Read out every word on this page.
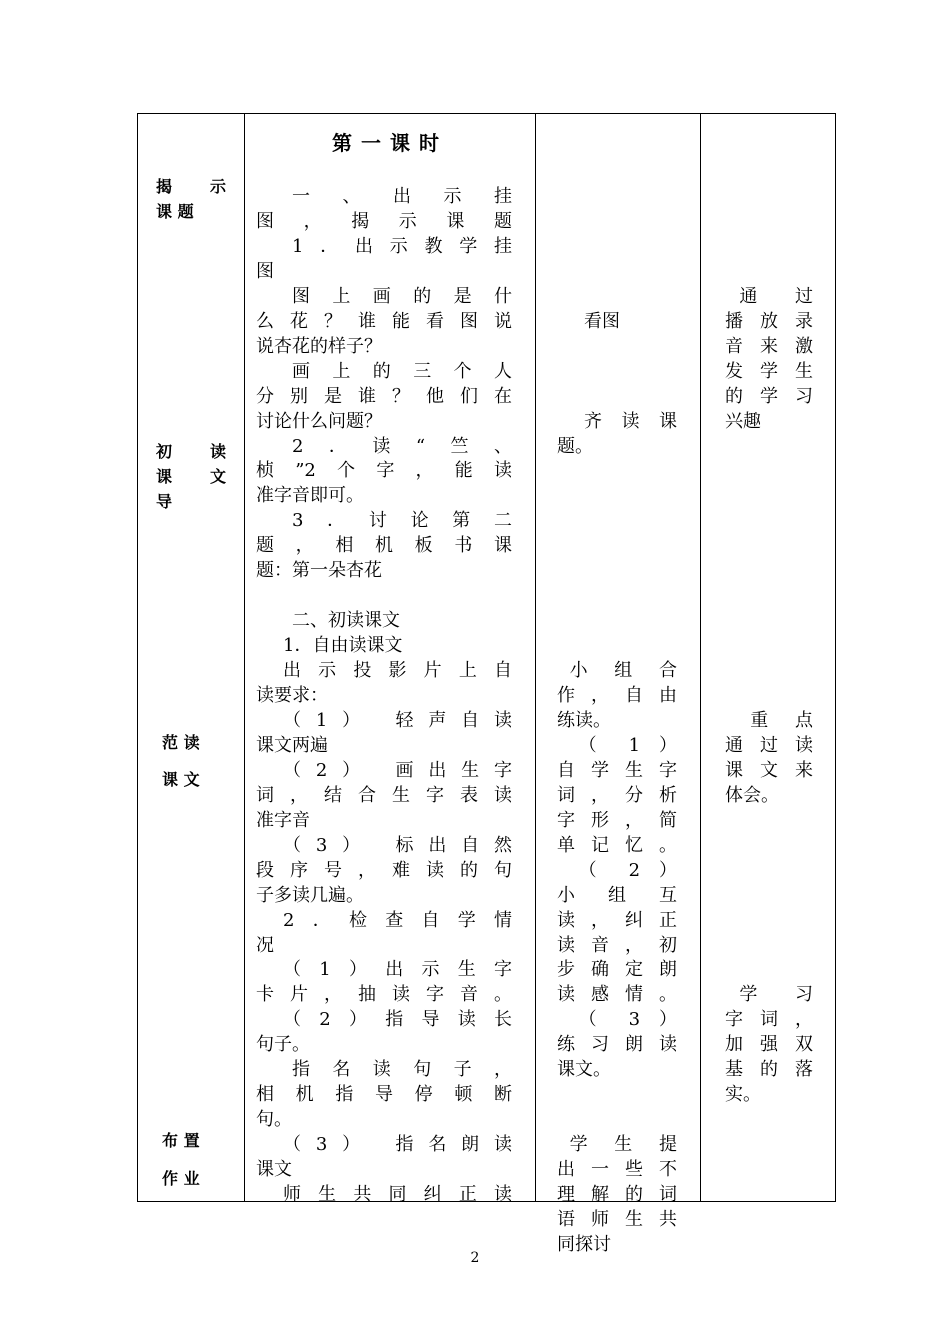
揭  示
课 题
初  读
课  文
导
范 读
课 文
布 置
作 业
第一课时
一 、 出 示 挂
图，揭示课题
1．出示教学挂
图
图上画的是什
么花？谁能看图说
说杏花的样子？
画上的三个人
分别是谁？他们在
讨论什么问题？
2．读“竺、
桢”2个字，能读
准字音即可。
3．讨论第二
题，相机板书课
题：第一朵杏花
二、初读课文
1．自由读课文
出示投影片上自
读要求：
（1） 轻声自读
课文两遍
（2） 画出生字
词，结合生字表读
准字音
（3） 标出自然
段序号，难读的句
子多读几遍。
2．检查自学情
况
（1）出示生字
卡片，抽读字音。
（2）指导读长
句子。
指名读句子，
相机指导停顿断
句。
（3） 指名朗读
课文
师生共同纠正读
看图
齐 读 课
题。
小 组 合
作，自由
练读。
（ 1 ）
自学生字
词，分析
字形，简
单记忆。
（ 2 ）
小 组 互
读，纠正
读音，初
步确定朗
读感情。
（ 3 ）
练习朗读
课文。
学 生 提
出一些不
理解的词
语师生共
同探讨
通 过
播放录
音来激
发学生
的学习
兴趣
重 点
通过读
课文来
体会。
学 习
字词，
加强双
基的落
实。
2
